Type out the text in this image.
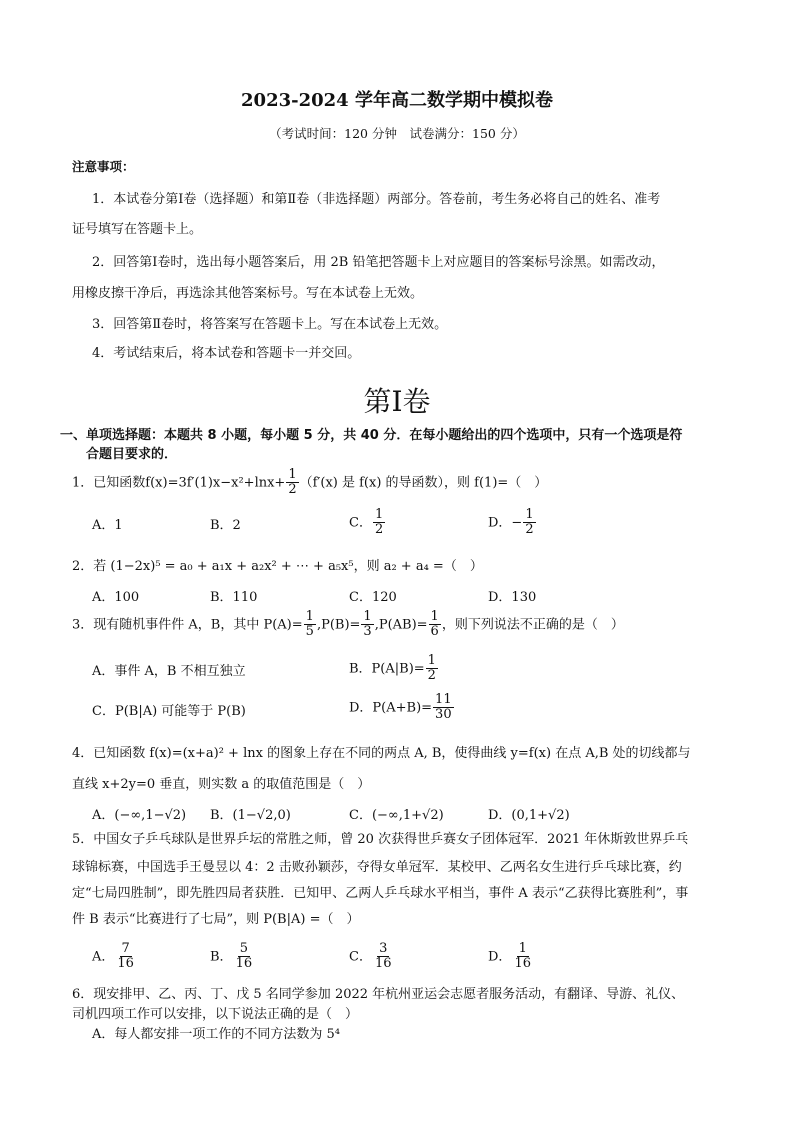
2023-2024 学年高二数学期中模拟卷
（考试时间：120 分钟　试卷满分：150 分）
注意事项：
1．本试卷分第Ⅰ卷（选择题）和第Ⅱ卷（非选择题）两部分。答卷前，考生务必将自己的姓名、准考
证号填写在答题卡上。
2．回答第Ⅰ卷时，选出每小题答案后，用 2B 铅笔把答题卡上对应题目的答案标号涂黑。如需改动，
用橡皮擦干净后，再选涂其他答案标号。写在本试卷上无效。
3．回答第Ⅱ卷时，将答案写在答题卡上。写在本试卷上无效。
4．考试结束后，将本试卷和答题卡一并交回。
第Ⅰ卷
一、单项选择题：本题共 8 小题，每小题 5 分，共 40 分．在每小题给出的四个选项中，只有一个选项是符
合题目要求的．
1．已知函数$f(x)=3f'(1)x-x^2+\ln x+ \frac{1}{2} (f'(x)$ 是 f(x) 的导函数），则 f(1)=（　）
A．1	B．2	C． $\frac{1}{2}$	D．− $\frac{1}{2}$
2．若 (1−2x)⁵ = a₀ + a₁x + a₂x² + ⋯ + a₅x⁵，则 a₂ + a₄ =（　）
A．100	B．110	C．120	D．130
3．现有随机事件件 A，B，其中 $P(A)= \frac{1}{5} ,P(B)= \frac{1}{3} ,P(AB)= \frac{1}{6}$ ，则下列说法不正确的是（　）
A．事件 A，B 不相互独立	B．$P(A|B)= \frac{1}{2}$
C．P(B|A) 可能等于 P(B)	D．$P(A+B)= \frac{11}{30}$
4．已知函数 f(x)=(x+a)² + lnx 的图象上存在不同的两点 A, B，使得曲线 y=f(x) 在点 A,B 处的切线都与
直线 x+2y=0 垂直，则实数 a 的取值范围是（　）
A．(−∞,1−√2) B．(1−√2,0)	C．(−∞,1+√2)	D．(0,1+√2)
5．中国女子乒乓球队是世界乒坛的常胜之师，曾 20 次获得世乒赛女子团体冠军．2021 年休斯敦世界乒乓
球锦标赛，中国选手王曼昱以 4：2 击败孙颖莎，夺得女单冠军．某校甲、乙两名女生进行乒乓球比赛，约
定“七局四胜制”，即先胜四局者获胜．已知甲、乙两人乒乓球水平相当，事件 A 表示“乙获得比赛胜利”，事
件 B 表示“比赛进行了七局”，则 P(B|A) =（　）
A． $\frac{7}{16}$	B． $\frac{5}{16}$	C． $\frac{3}{16}$	D． $\frac{1}{16}$
6．现安排甲、乙、丙、丁、戊 5 名同学参加 2022 年杭州亚运会志愿者服务活动，有翻译、导游、礼仪、
司机四项工作可以安排，以下说法正确的是（　）
A．每人都安排一项工作的不同方法数为 5⁴
